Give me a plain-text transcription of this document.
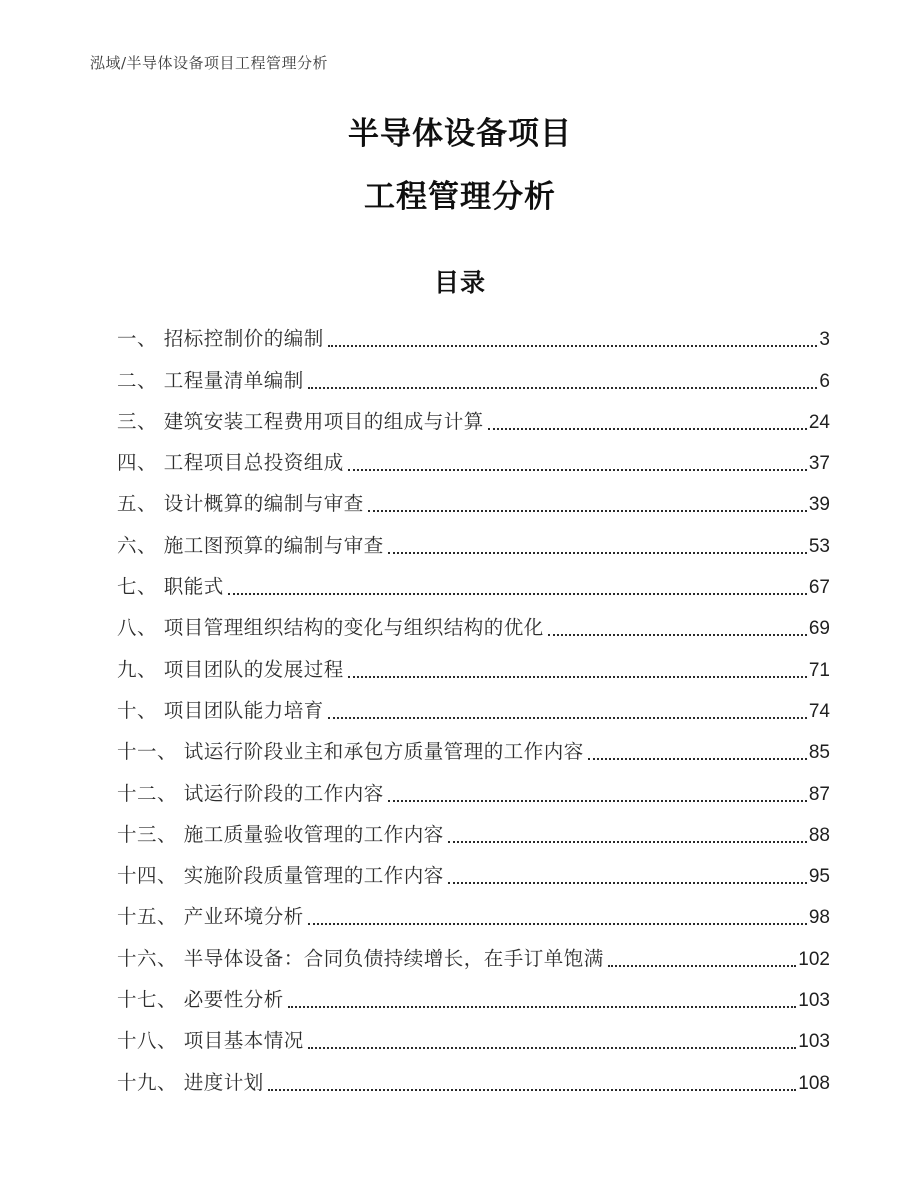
泓域/半导体设备项目工程管理分析
半导体设备项目
工程管理分析
目录
一、 招标控制价的编制	3
二、 工程量清单编制	6
三、 建筑安装工程费用项目的组成与计算	24
四、 工程项目总投资组成	37
五、 设计概算的编制与审查	39
六、 施工图预算的编制与审查	53
七、 职能式	67
八、 项目管理组织结构的变化与组织结构的优化	69
九、 项目团队的发展过程	71
十、 项目团队能力培育	74
十一、 试运行阶段业主和承包方质量管理的工作内容	85
十二、 试运行阶段的工作内容	87
十三、 施工质量验收管理的工作内容	88
十四、 实施阶段质量管理的工作内容	95
十五、 产业环境分析	98
十六、 半导体设备：合同负债持续增长，在手订单饱满	102
十七、 必要性分析	103
十八、 项目基本情况	103
十九、 进度计划	108
